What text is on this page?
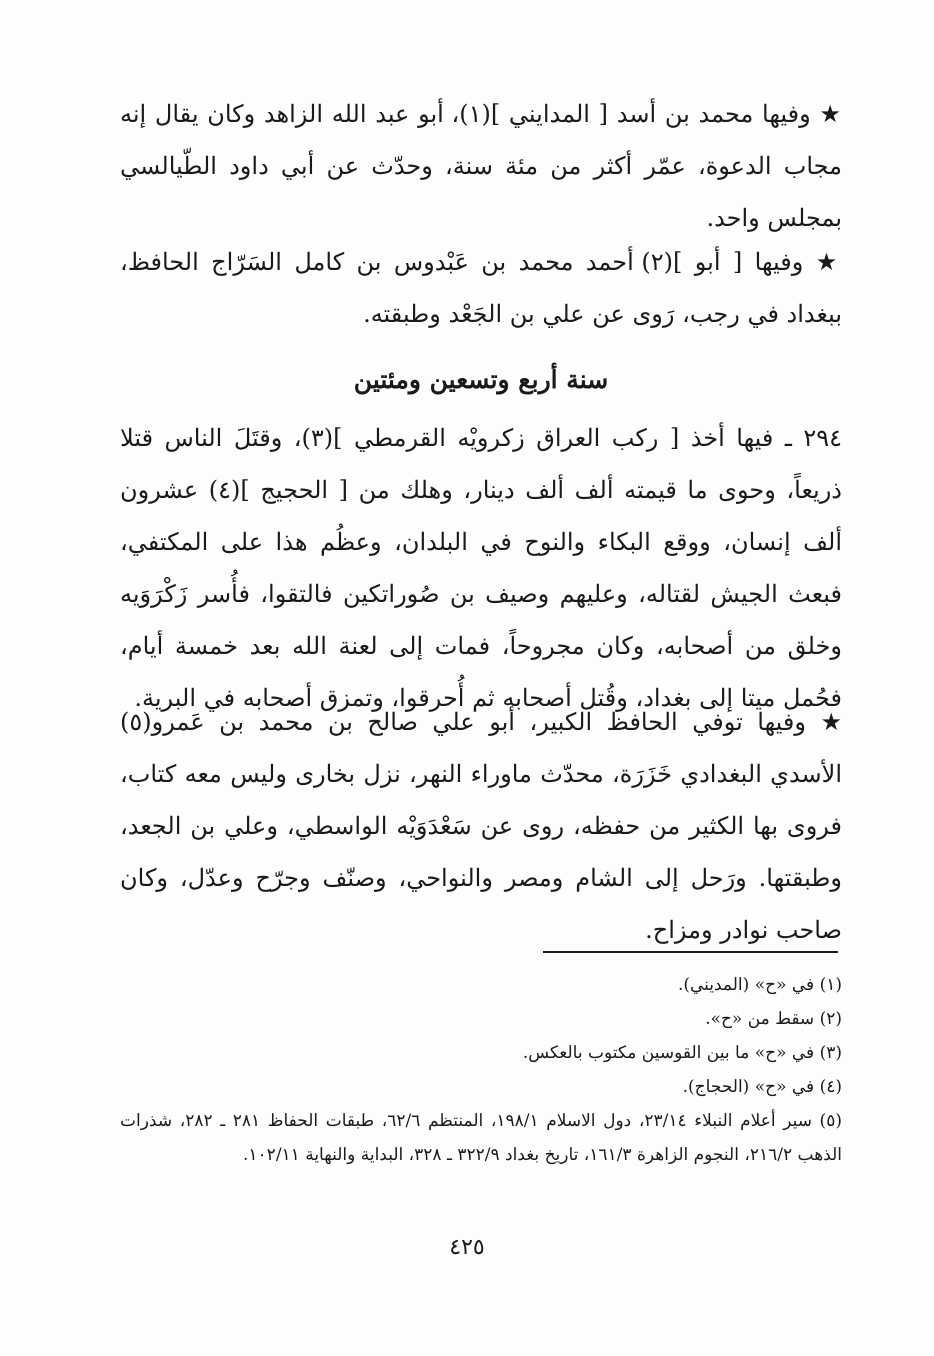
★ وفيها محمد بن أسد [ المدايني ](١)، أبو عبد الله الزاهد وكان يقال إنه مجاب الدعوة، عمّر أكثر من مئة سنة، وحدّث عن أبي داود الطّيالسي بمجلس واحد.

★ وفيها [ أبو ](٢) أحمد محمد بن عَبْدوس بن كامل السَرّاج الحافظ، ببغداد في رجب، رَوى عن علي بن الجَعْد وطبقته.

سنة أربع وتسعين ومئتين

٢٩٤ ـ فيها أخذ [ ركب العراق زكرويْه القرمطي ](٣)، وقتَلَ الناس قتلا ذريعاً، وحوى ما قيمته ألف ألف دينار، وهلك من [ الحجيج ](٤) عشرون ألف إنسان، ووقع البكاء والنوح في البلدان، وعظُم هذا على المكتفي، فبعث الجيش لقتاله، وعليهم وصيف بن صُوراتكين فالتقوا، فأُسر زَكْرَوَيه وخلق من أصحابه، وكان مجروحاً، فمات إلى لعنة الله بعد خمسة أيام، فحُمل ميتا إلى بغداد، وقُتل أصحابه ثم أُحرقوا، وتمزق أصحابه في البرية.

★ وفيها توفي الحافظ الكبير، أبو علي صالح بن محمد بن عَمرو(٥) الأسدي البغدادي خَزَرَة، محدّث ماوراء النهر، نزل بخارى وليس معه كتاب، فروى بها الكثير من حفظه، روى عن سَعْدَوَيْه الواسطي، وعلي بن الجعد، وطبقتها. ورَحل إلى الشام ومصر والنواحي، وصنّف وجرّح وعدّل، وكان صاحب نوادر ومزاح.

(١) في «ح» (المديني).

(٢) سقط من «ح».

(٣) في «ح» ما بين القوسين مكتوب بالعكس.

(٤) في «ح» (الحجاج).

(٥) سير أعلام النبلاء ٢٣/١٤، دول الاسلام ١٩٨/١، المنتظم ٦٢/٦، طبقات الحفاظ ٢٨١ ـ ٢٨٢، شذرات الذهب ٢١٦/٢، النجوم الزاهرة ١٦١/٣، تاريخ بغداد ٣٢٢/٩ ـ ٣٢٨، البداية والنهاية ١٠٢/١١.

٤٢٥
